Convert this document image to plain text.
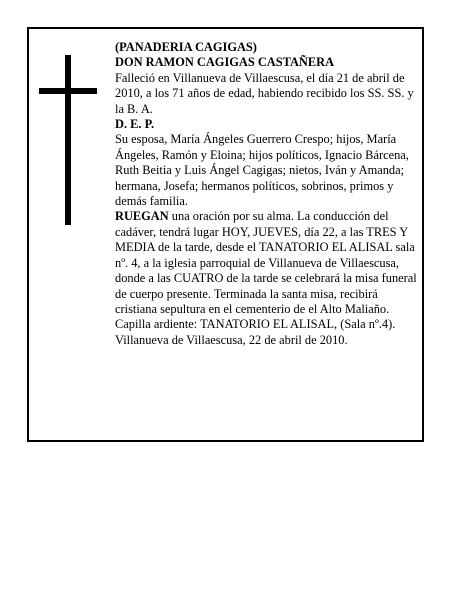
(PANADERIA CAGIGAS)

DON RAMON CAGIGAS CASTAÑERA

Falleció en Villanueva de Villaescusa, el día 21 de abril de 2010, a los 71 años de edad, habiendo recibido los SS. SS. y la B. A.

D. E. P.

Su esposa, María Ángeles Guerrero Crespo; hijos, María Ángeles, Ramón y Eloina; hijos políticos, Ignacio Bárcena, Ruth Beitia y Luis Ángel Cagigas; nietos, Iván y Amanda; hermana, Josefa; hermanos políticos, sobrinos, primos y demás familia.

RUEGAN una oración por su alma. La conducción del cadáver, tendrá lugar HOY, JUEVES, día 22, a las TRES Y MEDIA de la tarde, desde el TANATORIO EL ALISAL sala nº. 4, a la iglesia parroquial de Villanueva de Villaescusa, donde a las CUATRO de la tarde se celebrará la misa funeral de cuerpo presente. Terminada la santa misa, recibirá cristiana sepultura en el cementerio de el Alto Maliaño. Capilla ardiente: TANATORIO EL ALISAL, (Sala nº.4).

Villanueva de Villaescusa, 22 de abril de 2010.
